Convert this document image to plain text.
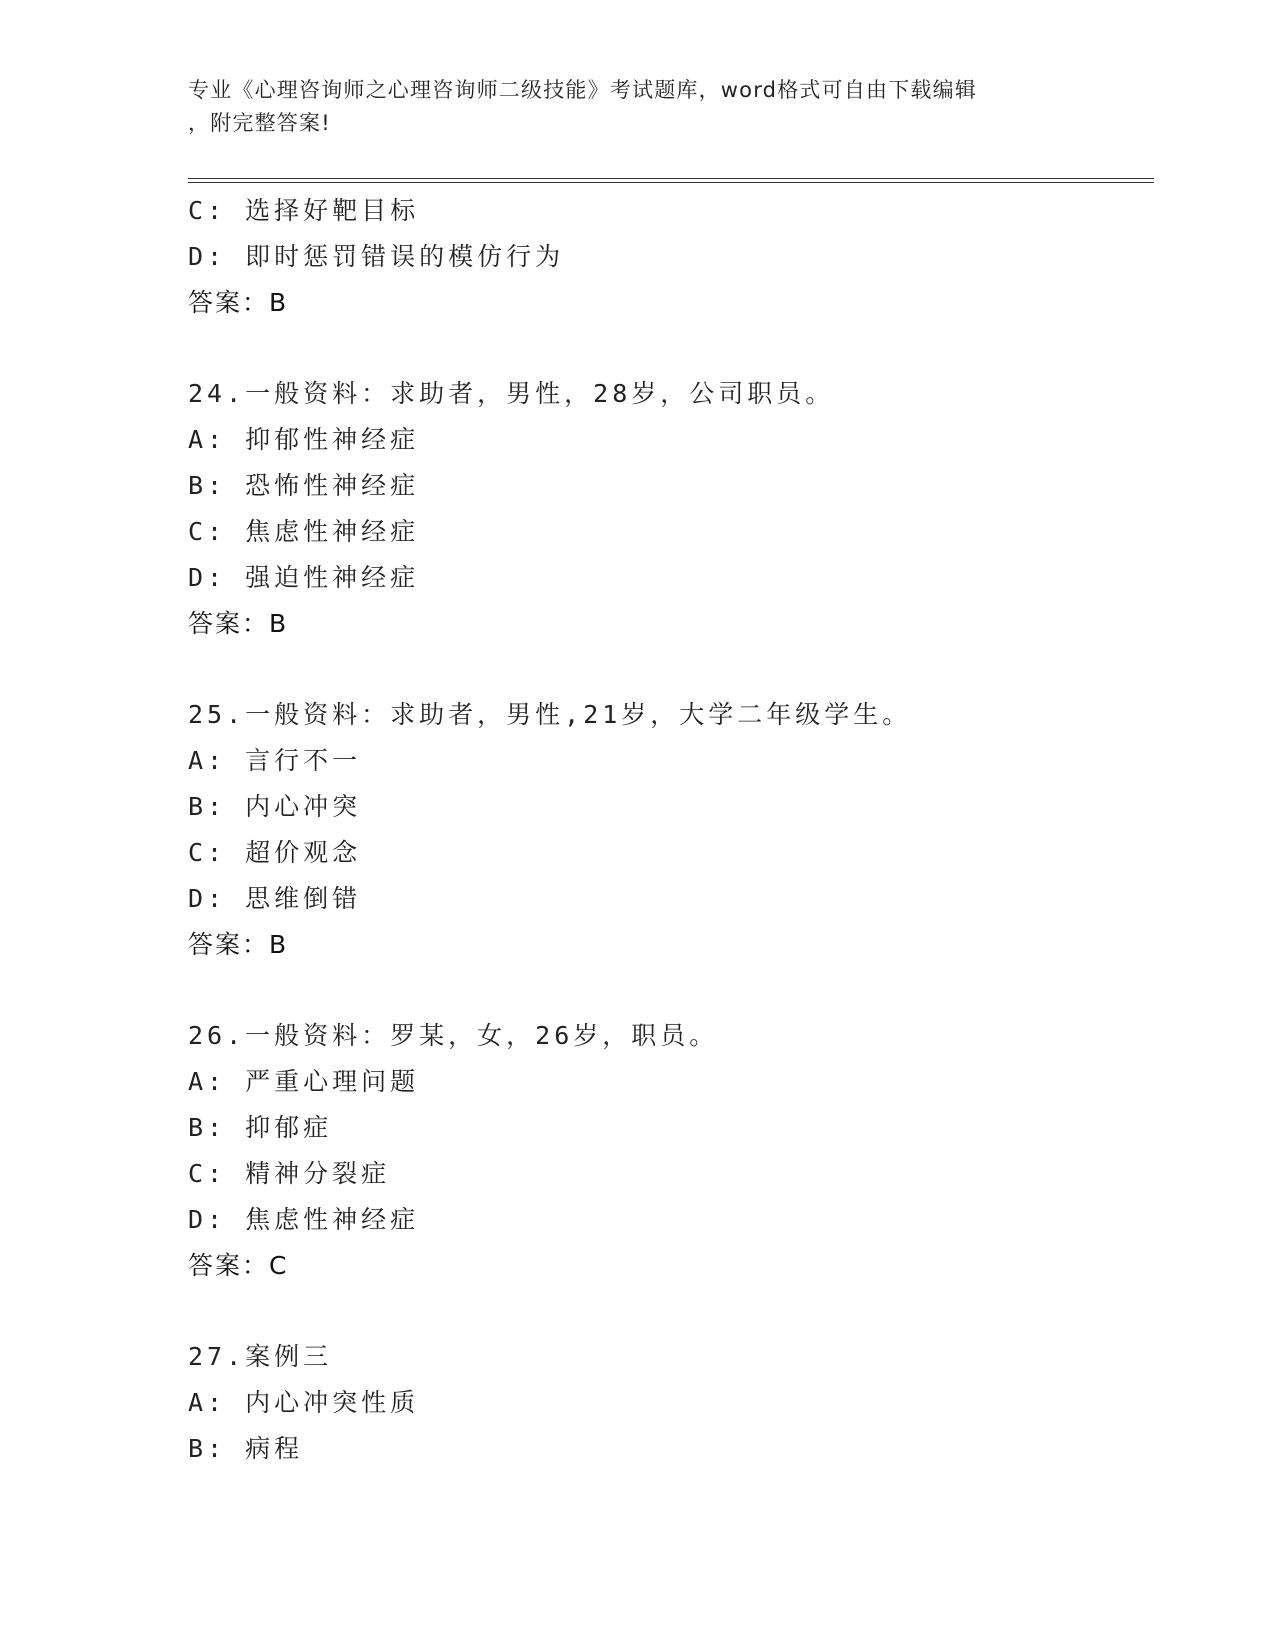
专业《心理咨询师之心理咨询师二级技能》考试题库，word格式可自由下载编辑
，附完整答案!
C: 选择好靶目标
D: 即时惩罚错误的模仿行为
答案：B
24.一般资料：求助者，男性，28岁，公司职员。
A: 抑郁性神经症
B: 恐怖性神经症
C: 焦虑性神经症
D: 强迫性神经症
答案：B
25.一般资料：求助者，男性,21岁，大学二年级学生。
A: 言行不一
B: 内心冲突
C: 超价观念
D: 思维倒错
答案：B
26.一般资料：罗某，女，26岁，职员。
A: 严重心理问题
B: 抑郁症
C: 精神分裂症
D: 焦虑性神经症
答案：C
27.案例三
A: 内心冲突性质
B: 病程
